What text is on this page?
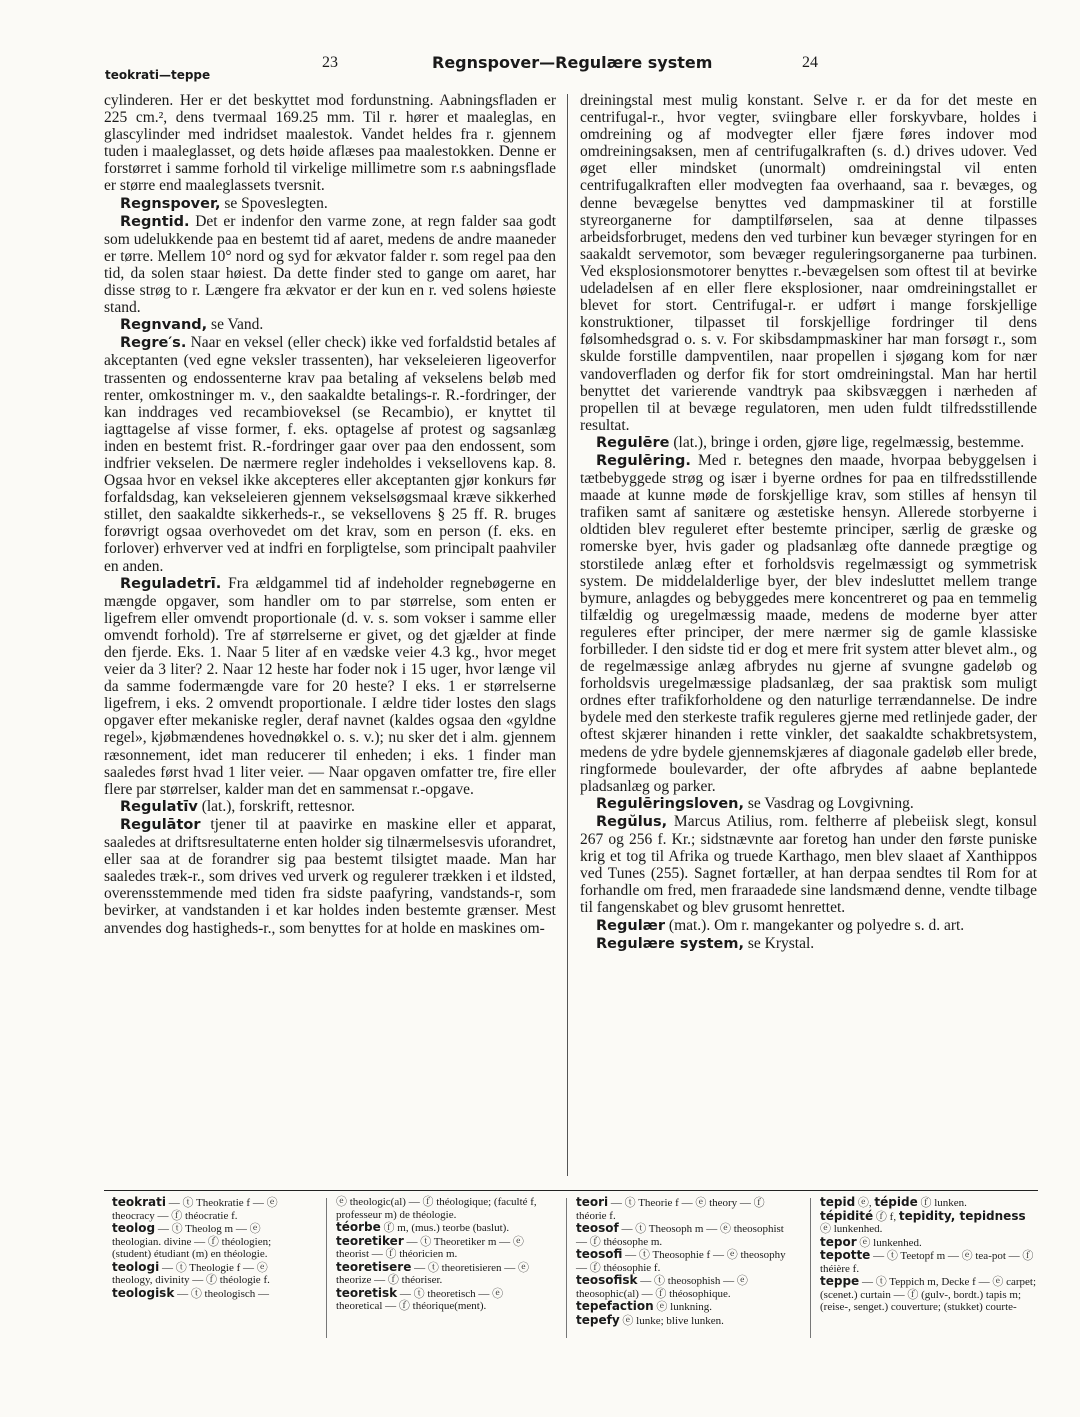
teokrati—teppe
23	Regnspover—Regulære system	24

cylinderen. Her er det beskyttet mod fordunstning. Aabningsfladen er 225 cm.², dens tvermaal 169.25 mm. Til r. hører et maaleglas, en glascylinder med indridset maalestok. Vandet heldes fra r. gjennem tuden i maaleglasset, og dets høide aflæses paa maalestokken. Denne er forstørret i samme forhold til virkelige millimetre som r.s aabningsflade er større end maaleglassets tversnit.

Regnspover, se Spoveslegten.

Regntid. Det er indenfor den varme zone, at regn falder saa godt som udelukkende paa en bestemt tid af aaret, medens de andre maaneder er tørre. Mellem 10° nord og syd for ækvator falder r. som regel paa den tid, da solen staar høiest. Da dette finder sted to gange om aaret, har disse strøg to r. Længere fra ækvator er der kun en r. ved solens høieste stand.

Regnvand, se Vand.

Regre′s. Naar en veksel (eller check) ikke ved forfaldstid betales af akceptanten (ved egne veksler trassenten), har vekseleieren ligeoverfor trassenten og endossenterne krav paa betaling af vekselens beløb med renter, omkostninger m. v., den saakaldte betalings-r. R.-fordringer, der kan inddrages ved recambioveksel (se Recambio), er knyttet til iagttagelse af visse former, f. eks. optagelse af protest og sagsanlæg inden en bestemt frist. R.-fordringer gaar over paa den endossent, som indfrier vekselen. De nærmere regler indeholdes i veksellovens kap. 8. Ogsaa hvor en veksel ikke akcepteres eller akceptanten gjør konkurs før forfaldsdag, kan vekseleieren gjennem vekselsøgsmaal kræve sikkerhed stillet, den saakaldte sikkerheds-r., se veksellovens § 25 ff. R. bruges forøvrigt ogsaa overhovedet om det krav, som en person (f. eks. en forlover) erhverver ved at indfri en forpligtelse, som principalt paahviler en anden.

Reguladetrī. Fra ældgammel tid af indeholder regnebøgerne en mængde opgaver, som handler om to par størrelse, som enten er ligefrem eller omvendt proportionale (d. v. s. som vokser i samme eller omvendt forhold). Tre af størrelserne er givet, og det gjælder at finde den fjerde. Eks. 1. Naar 5 liter af en vædske veier 4.3 kg., hvor meget veier da 3 liter? 2. Naar 12 heste har foder nok i 15 uger, hvor længe vil da samme fodermængde vare for 20 heste? I eks. 1 er størrelserne ligefrem, i eks. 2 omvendt proportionale. I ældre tider lostes den slags opgaver efter mekaniske regler, deraf navnet (kaldes ogsaa den «gyldne regel», kjøbmændenes hovednøkkel o. s. v.); nu sker det i alm. gjennem ræsonnement, idet man reducerer til enheden; i eks. 1 finder man saaledes først hvad 1 liter veier. — Naar opgaven omfatter tre, fire eller flere par størrelser, kalder man det en sammensat r.-opgave.

Regulatīv (lat.), forskrift, rettesnor.

Regulātor tjener til at paavirke en maskine eller et apparat, saaledes at driftsresultaterne enten holder sig tilnærmelsesvis uforandret, eller saa at de forandrer sig paa bestemt tilsigtet maade. Man har saaledes træk-r., som drives ved urverk og regulerer trækken i et ildsted, overensstemmende med tiden fra sidste paafyring, vandstands-r, som bevirker, at vandstanden i et kar holdes inden bestemte grænser. Mest anvendes dog hastigheds-r., som benyttes for at holde en maskines om-

dreiningstal mest mulig konstant. Selve r. er da for det meste en centrifugal-r., hvor vegter, sviingbare eller forskyvbare, holdes i omdreining og af modvegter eller fjære føres indover mod omdreiningsaksen, men af centrifugalkraften (s. d.) drives udover. Ved øget eller mindsket (unormalt) omdreiningstal vil enten centrifugalkraften eller modvegten faa overhaand, saa r. bevæges, og denne bevægelse benyttes ved dampmaskiner til at forstille styreorganerne for damptilførselen, saa at denne tilpasses arbeidsforbruget, medens den ved turbiner kun bevæger styringen for en saakaldt servemotor, som bevæger reguleringsorganerne paa turbinen. Ved eksplosionsmotorer benyttes r.-bevægelsen som oftest til at bevirke udeladelsen af en eller flere eksplosioner, naar omdreiningstallet er blevet for stort. Centrifugal-r. er udført i mange forskjellige konstruktioner, tilpasset til forskjellige fordringer til dens følsomhedsgrad o. s. v. For skibsdampmaskiner har man forsøgt r., som skulde forstille dampventilen, naar propellen i sjøgang kom for nær vandoverfladen og derfor fik for stort omdreiningstal. Man har hertil benyttet det varierende vandtryk paa skibsvæggen i nærheden af propellen til at bevæge regulatoren, men uden fuldt tilfredsstillende resultat.

Regulēre (lat.), bringe i orden, gjøre lige, regelmæssig, bestemme.

Regulēring. Med r. betegnes den maade, hvorpaa bebyggelsen i tætbebyggede strøg og især i byerne ordnes for paa en tilfredsstillende maade at kunne møde de forskjellige krav, som stilles af hensyn til trafiken samt af sanitære og æstetiske hensyn. Allerede storbyerne i oldtiden blev reguleret efter bestemte principer, særlig de græske og romerske byer, hvis gader og pladsanlæg ofte dannede prægtige og storstilede anlæg efter et forholdsvis regelmæssigt og symmetrisk system. De middelalderlige byer, der blev indesluttet mellem trange bymure, anlagdes og bebyggedes mere koncentreret og paa en temmelig tilfældig og uregelmæssig maade, medens de moderne byer atter reguleres efter principer, der mere nærmer sig de gamle klassiske forbilleder. I den sidste tid er dog et mere frit system atter blevet alm., og de regelmæssige anlæg afbrydes nu gjerne af svungne gadeløb og forholdsvis uregelmæssige pladsanlæg, der saa praktisk som muligt ordnes efter trafikforholdene og den naturlige terrændannelse. De indre bydele med den sterkeste trafik reguleres gjerne med retlinjede gader, der oftest skjærer hinanden i rette vinkler, det saakaldte schakbretsystem, medens de ydre bydele gjennemskjæres af diagonale gadeløb eller brede, ringformede boulevarder, der ofte afbrydes af aabne beplantede pladsanlæg og parker.

Regulēringsloven, se Vasdrag og Lovgivning.

Regŭlus, Marcus Atilius, rom. feltherre af plebeiisk slegt, konsul 267 og 256 f. Kr.; sidstnævnte aar foretog han under den første puniske krig et tog til Afrika og truede Karthago, men blev slaaet af Xanthippos ved Tunes (255). Sagnet fortæller, at han derpaa sendtes til Rom for at forhandle om fred, men fraraadede sine landsmænd denne, vendte tilbage til fangenskabet og blev grusomt henrettet.

Regulær (mat.). Om r. mangekanter og polyedre s. d. art.

Regulære system, se Krystal.

teokrati — ⓣ Theokratie f — ⓔ theocracy — ⓕ théocratie f.

teolog — ⓣ Theolog m — ⓔ theologian. divine — ⓕ théologien; (student) étudiant (m) en théologie.

teologi — ⓣ Theologie f — ⓔ theology, divinity — ⓕ théologie f.

teologisk — ⓣ theologisch —

ⓔ theologic(al) — ⓕ théologique; (faculté f, professeur m) de théologie.

téorbe ⓕ m, (mus.) teorbe (baslut).

teoretiker — ⓣ Theoretiker m — ⓔ theorist — ⓕ théoricien m.

teoretisere — ⓣ theoretisieren — ⓔ theorize — ⓕ théoriser.

teoretisk — ⓣ theoretisch — ⓔ theoretical — ⓕ théorique(ment).

teori — ⓣ Theorie f — ⓔ theory — ⓕ théorie f.

teosof — ⓣ Theosoph m — ⓔ theosophist — ⓕ théosophe m.

teosofi — ⓣ Theosophie f — ⓔ theosophy — ⓕ théosophie f.

teosofisk — ⓣ theosophish — ⓔ theosophic(al) — ⓕ théosophique.

tepefaction ⓔ lunkning.

tepefy ⓔ lunke; blive lunken.

tepid ⓔ, tépide ⓕ lunken.

tépidité ⓕ f, tepidity, tepidness ⓔ lunkenhed.

tepor ⓔ lunkenhed.

tepotte — ⓣ Teetopf m — ⓔ tea-pot — ⓕ théière f.

teppe — ⓣ Teppich m, Decke f — ⓔ carpet; (scenet.) curtain — ⓕ (gulv-, bordt.) tapis m; (reise-, senget.) couverture; (stukket) courte-
